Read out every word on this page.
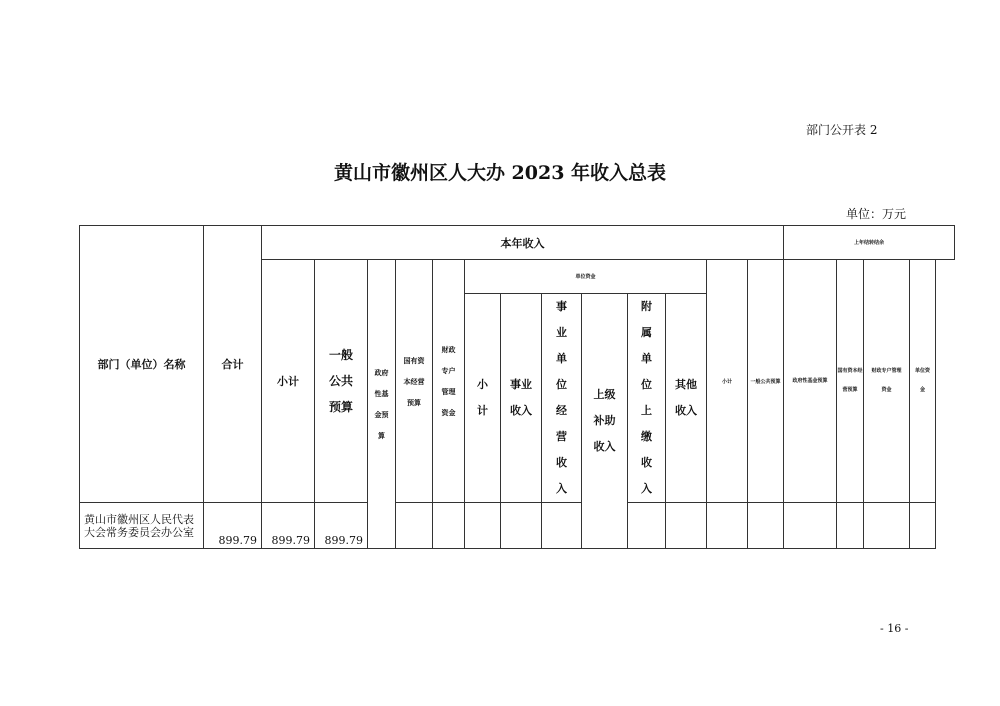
部门公开表 2
黄山市徽州区人大办 2023 年收入总表
单位：万元
部门（单位）名称	合计	本年收入													上年结转结余			
		小计	一般公共预算	政府性基金预算	国有资本经营预算	财政专户管理资金	单位资金						小计	一般公共预算	政府性基金预算	国有资本经营预算	财政专户管理资金	单位资金
							小计	事业收入	事业单位经营收入	上级补助收入	附属单位上缴收入	其他收入						
黄山市徽州区人民代表大会常务委员会办公室	899.79	899.79	899.79															
- 16 -
